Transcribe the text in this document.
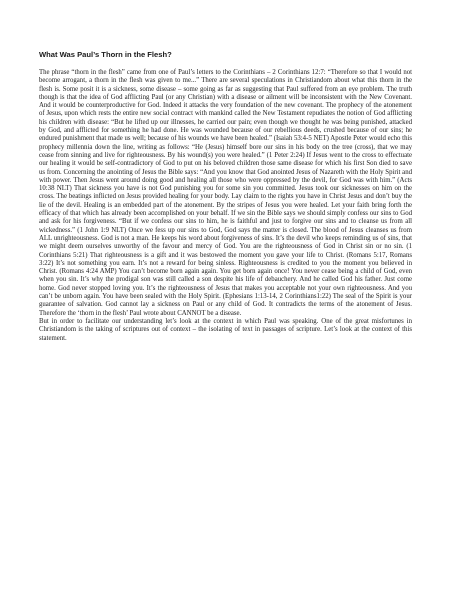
What Was Paul’s Thorn in the Flesh?

The phrase “thorn in the flesh” came from one of Paul’s letters to the Corinthians – 2 Corinthians 12:7: “Therefore so that I would not become arrogant, a thorn in the flesh was given to me...” There are several speculations in Christiandom about what this thorn in the flesh is. Some posit it is a sickness, some disease – some going as far as suggesting that Paul suffered from an eye problem. The truth though is that the idea of God afflicting Paul (or any Christian) with a disease or ailment will be inconsistent with the New Covenant. And it would be counterproductive for God. Indeed it attacks the very foundation of the new covenant. The prophecy of the atonement of Jesus, upon which rests the entire new social contract with mankind called the New Testament repudiates the notion of God afflicting his children with disease: “But he lifted up our illnesses, he carried our pain; even though we thought he was being punished, attacked by God, and afflicted for something he had done. He was wounded because of our rebellious deeds, crushed because of our sins; he endured punishment that made us well; because of his wounds we have been healed.” (Isaiah 53:4-5 NET) Apostle Peter would echo this prophecy millennia down the line, writing as follows: “He (Jesus) himself bore our sins in his body on the tree (cross), that we may cease from sinning and live for righteousness. By his wound(s) you were healed.” (1 Peter 2:24) If Jesus went to the cross to effectuate our healing it would be self-contradictory of God to put on his beloved children those same disease for which his first Son died to save us from. Concerning the anointing of Jesus the Bible says: “And you know that God anointed Jesus of Nazareth with the Holy Spirit and with power. Then Jesus went around doing good and healing all those who were oppressed by the devil, for God was with him.” (Acts 10:38 NLT) That sickness you have is not God punishing you for some sin you committed. Jesus took our sicknesses on him on the cross. The beatings inflicted on Jesus provided healing for your body. Lay claim to the rights you have in Christ Jesus and don’t buy the lie of the devil. Healing is an embedded part of the atonement. By the stripes of Jesus you were healed. Let your faith bring forth the efficacy of that which has already been accomplished on your behalf. If we sin the Bible says we should simply confess our sins to God and ask for his forgiveness. “But if we confess our sins to him, he is faithful and just to forgive our sins and to cleanse us from all wickedness.” (1 John 1:9 NLT) Once we fess up our sins to God, God says the matter is closed. The blood of Jesus cleanses us from ALL unrighteousness. God is not a man. He keeps his word about forgiveness of sins. It’s the devil who keeps reminding us of sins, that we might deem ourselves unworthy of the favour and mercy of God. You are the righteousness of God in Christ sin or no sin. (1 Corinthians 5:21) That righteousness is a gift and it was bestowed the moment you gave your life to Christ. (Romans 5:17, Romans 3:22) It’s not something you earn. It’s not a reward for being sinless. Righteousness is credited to you the moment you believed in Christ. (Romans 4:24 AMP) You can’t become born again again. You get born again once! You never cease being a child of God, even when you sin. It’s why the prodigal son was still called a son despite his life of debauchery. And he called God his father. Just come home. God never stopped loving you. It’s the righteousness of Jesus that makes you acceptable not your own righteousness. And you can’t be unborn again. You have been sealed with the Holy Spirit. (Ephesians 1:13-14, 2 Corinthians1:22) The seal of the Spirit is your guarantee of salvation. God cannot lay a sickness on Paul or any child of God. It contradicts the terms of the atonement of Jesus. Therefore the ‘thorn in the flesh’ Paul wrote about CANNOT be a disease.

But in order to facilitate our understanding let’s look at the context in which Paul was speaking. One of the great misfortunes in Christiandom is the taking of scriptures out of context – the isolating of text in passages of scripture. Let’s look at the context of this statement.
